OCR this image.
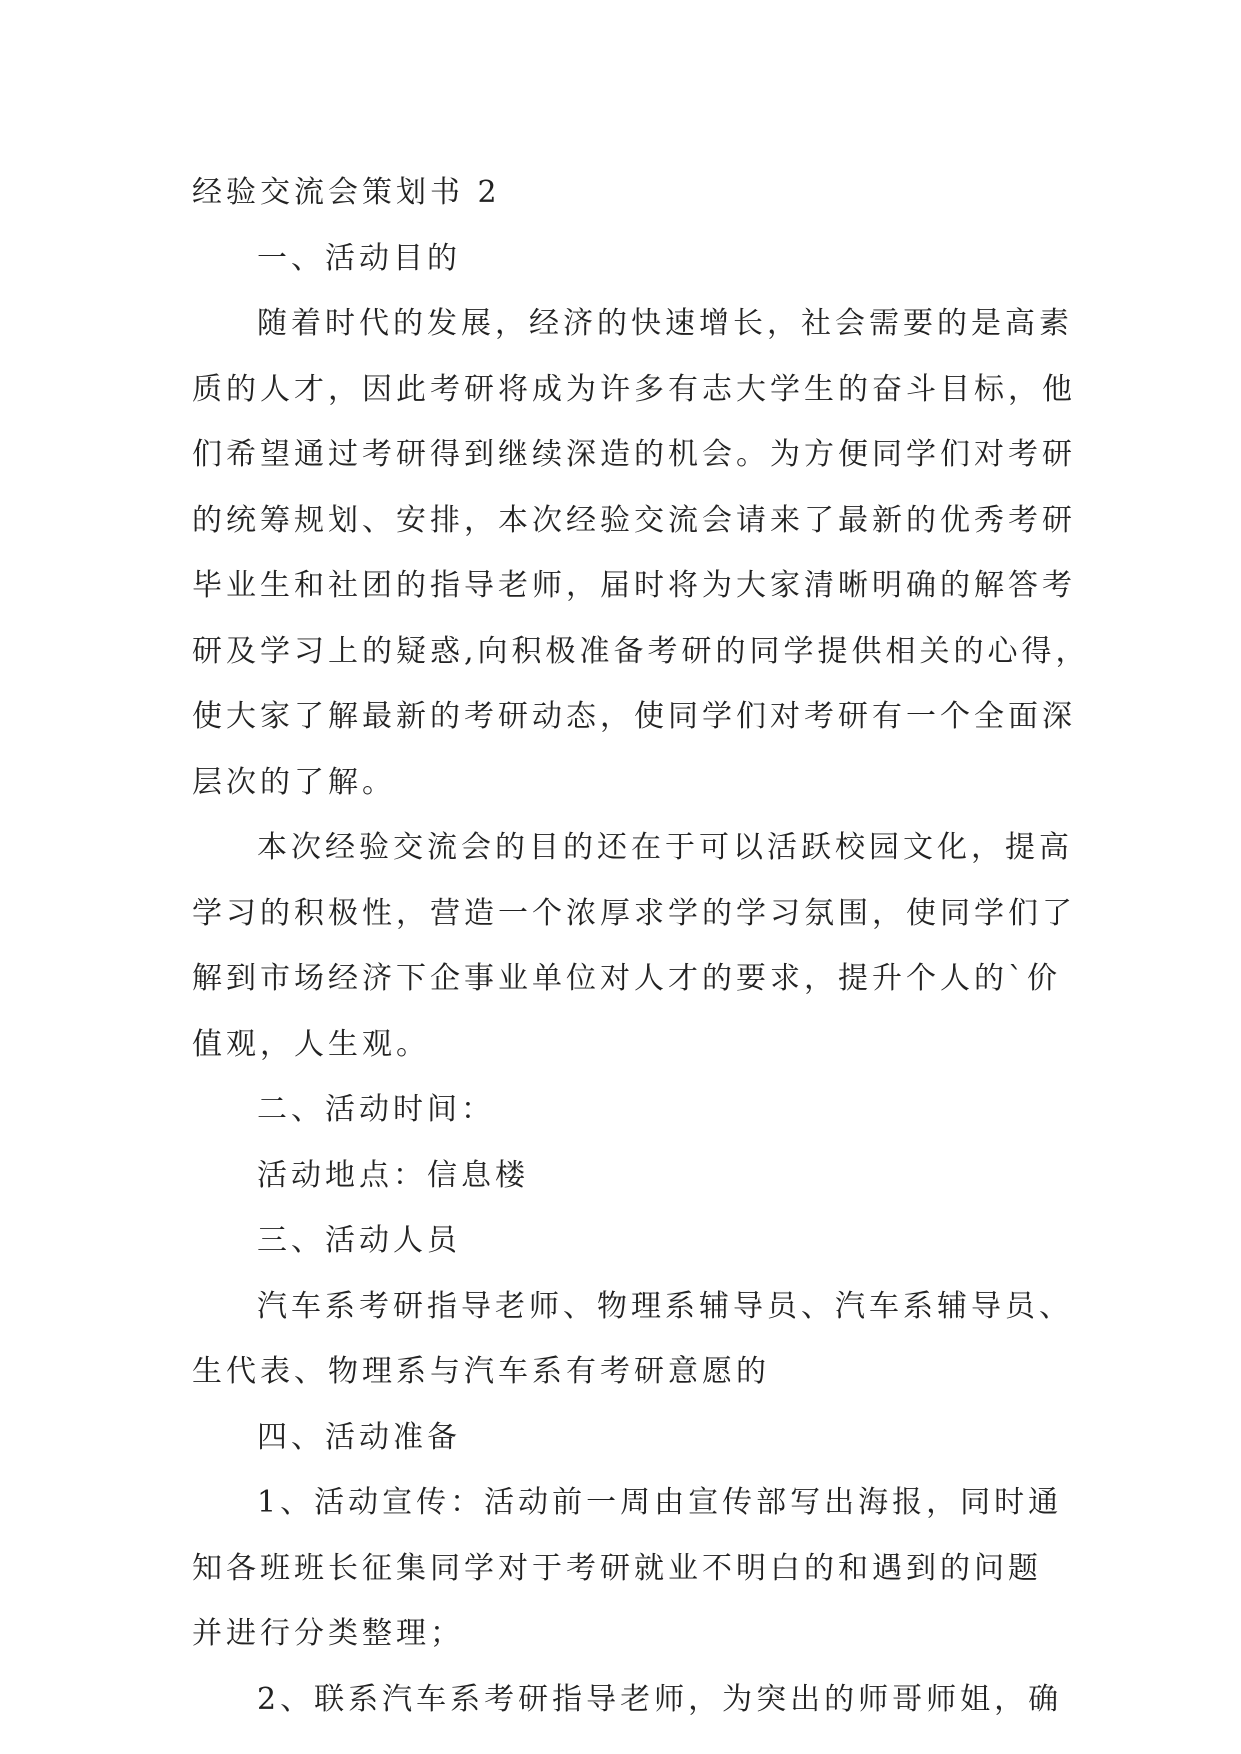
经验交流会策划书 2
一、活动目的
随着时代的发展，经济的快速增长，社会需要的是高素
质的人才，因此考研将成为许多有志大学生的奋斗目标，他
们希望通过考研得到继续深造的机会。为方便同学们对考研
的统筹规划、安排，本次经验交流会请来了最新的优秀考研
毕业生和社团的指导老师，届时将为大家清晰明确的解答考
研及学习上的疑惑,向积极准备考研的同学提供相关的心得，
使大家了解最新的考研动态，使同学们对考研有一个全面深
层次的了解。
本次经验交流会的目的还在于可以活跃校园文化，提高
学习的积极性，营造一个浓厚求学的学习氛围，使同学们了
解到市场经济下企事业单位对人才的要求，提升个人的`价
值观，人生观。
二、活动时间：
活动地点：信息楼
三、活动人员
汽车系考研指导老师、物理系辅导员、汽车系辅导员、
生代表、物理系与汽车系有考研意愿的
四、活动准备
1、活动宣传：活动前一周由宣传部写出海报，同时通
知各班班长征集同学对于考研就业不明白的和遇到的问题
并进行分类整理；
2、联系汽车系考研指导老师，为突出的师哥师姐，确
